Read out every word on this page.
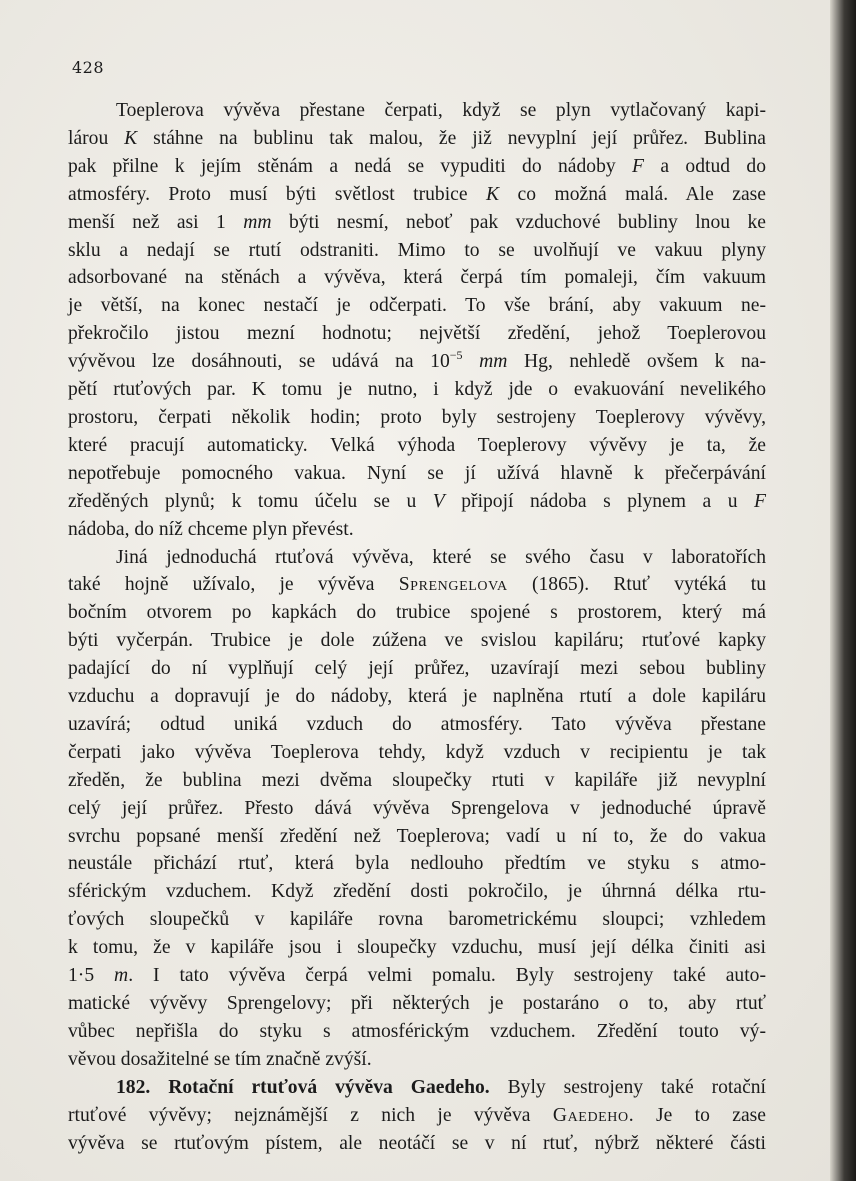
428
Toeplerova vývěva přestane čerpati, když se plyn vytlačovaný kapi-
lárou K stáhne na bublinu tak malou, že již nevyplní její průřez. Bublina
pak přilne k jejím stěnám a nedá se vypuditi do nádoby F a odtud do
atmosféry. Proto musí býti světlost trubice K co možná malá. Ale zase
menší než asi 1 mm býti nesmí, neboť pak vzduchové bubliny lnou ke
sklu a nedají se rtutí odstraniti. Mimo to se uvolňují ve vakuu plyny
adsorbované na stěnách a vývěva, která čerpá tím pomaleji, čím vakuum
je větší, na konec nestačí je odčerpati. To vše brání, aby vakuum ne-
překročilo jistou mezní hodnotu; největší zředění, jehož Toeplerovou
vývěvou lze dosáhnouti, se udává na $10^{-5}$ mm Hg, nehledě ovšem k na-
pětí rtuťových par. K tomu je nutno, i když jde o evakuování nevelikého
prostoru, čerpati několik hodin; proto byly sestrojeny Toeplerovy vývěvy,
které pracují automaticky. Velká výhoda Toeplerovy vývěvy je ta, že
nepotřebuje pomocného vakua. Nyní se jí užívá hlavně k přečerpávání
zředěných plynů; k tomu účelu se u V připojí nádoba s plynem a u F
nádoba, do níž chceme plyn převést.
Jiná jednoduchá rtuťová vývěva, které se svého času v laboratořích
také hojně užívalo, je vývěva Sprengelova (1865). Rtuť vytéká tu
bočním otvorem po kapkách do trubice spojené s prostorem, který má
býti vyčerpán. Trubice je dole zúžena ve svislou kapiláru; rtuťové kapky
padající do ní vyplňují celý její průřez, uzavírají mezi sebou bubliny
vzduchu a dopravují je do nádoby, která je naplněna rtutí a dole kapiláru
uzavírá; odtud uniká vzduch do atmosféry. Tato vývěva přestane
čerpati jako vývěva Toeplerova tehdy, když vzduch v recipientu je tak
zředěn, že bublina mezi dvěma sloupečky rtuti v kapiláře již nevyplní
celý její průřez. Přesto dává vývěva Sprengelova v jednoduché úpravě
svrchu popsané menší zředění než Toeplerova; vadí u ní to, že do vakua
neustále přichází rtuť, která byla nedlouho předtím ve styku s atmo-
sférickým vzduchem. Když zředění dosti pokročilo, je úhrnná délka rtu-
ťových sloupečků v kapiláře rovna barometrickému sloupci; vzhledem
k tomu, že v kapiláře jsou i sloupečky vzduchu, musí její délka činiti asi
1·5 m. I tato vývěva čerpá velmi pomalu. Byly sestrojeny také auto-
matické vývěvy Sprengelovy; při některých je postaráno o to, aby rtuť
vůbec nepřišla do styku s atmosférickým vzduchem. Zředění touto vý-
věvou dosažitelné se tím značně zvýší.
182. Rotační rtuťová vývěva Gaedeho. Byly sestrojeny také rotační
rtuťové vývěvy; nejznámější z nich je vývěva Gaedeho. Je to zase
vývěva se rtuťovým pístem, ale neotáčí se v ní rtuť, nýbrž některé části
